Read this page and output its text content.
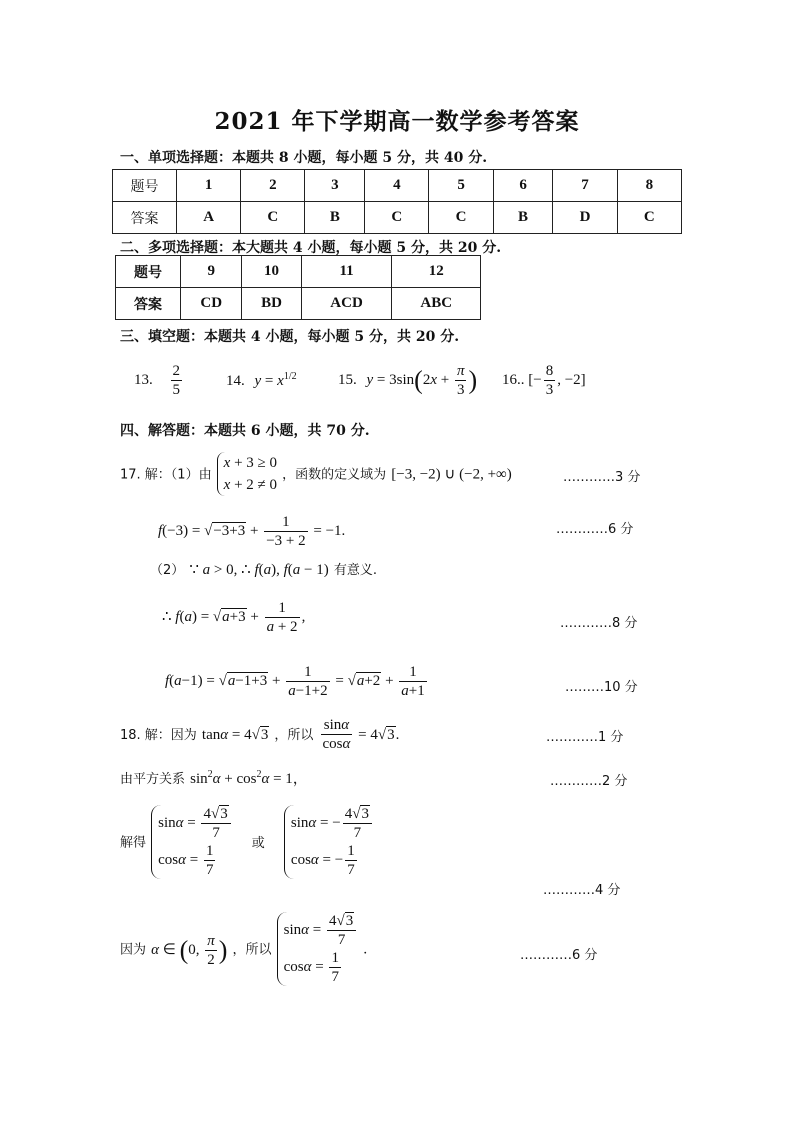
2021 年下学期高一数学参考答案
一、单项选择题：本题共 8 小题，每小题 5 分，共 40 分.
题号	1	2	3	4	5	6	7	8
答案	A	C	B	C	C	B	D	C
二、多项选择题：本大题共 4 小题，每小题 5 分，共 20 分.
题号	9	10	11	12
答案	CD	BD	ACD	ABC
三、填空题：本题共 4 小题，每小题 5 分，共 20 分.
13. $\frac{2}{5}$	14. $y = x^{1/2}$	15. $y = 3\sin(2x + \frac{\pi}{3}$ ) 16.. [− $\frac{8}{3}$ , −2]
四、解答题：本题共 6 小题，共 70 分.
17. 解：（1）由
x + 3 ≥ 0
x + 2 ≠ 0
，函数的定义域为 [−3, −2) ∪ (−2, +∞)	…………3 分
$f(-3) = √-3+3 + \frac{1}{-3 + 2} = -1$.	…………6 分
（2） ∵ a > 0, ∴ f(a), f(a − 1) 有意义.
∴ $f(a) = √a+3 + \frac{1}{a + 2}$ ,	…………8 分
$f(a-1) = √a-1+3 + \frac{1}{a-1+2} = √a+2 + \frac{1}{a+1}$	………10 分
18. 解：因为 tanα = 4√3 ，所以 $\frac{\sin\alpha}{\cos\alpha} = 4√3$.	…………1 分
由平方关系 $\sin^2\alpha + \cos^2\alpha = 1$，	…………2 分
解得
$\sin\alpha = \frac{4√3}{7}$
$\cos\alpha = \frac{1}{7}$	或
sinα = − $\frac{4√3}{7}$
cosα = − $\frac{1}{7}$
…………4 分
因为 α ∈ (0, $\frac{\pi}{2}$ ) ，所以
$\sin\alpha = \frac{4√3}{7}$
$\cos\alpha = \frac{1}{7}$ .	…………6 分
